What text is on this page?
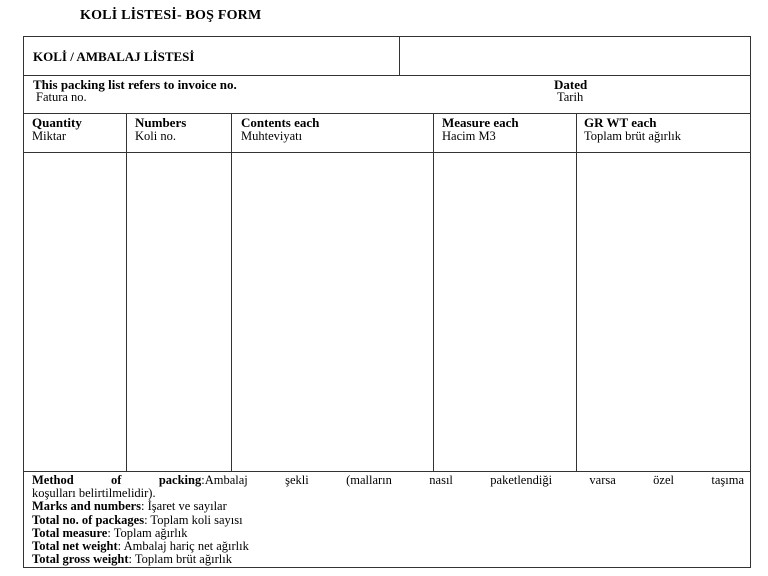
KOLİ LİSTESİ- BOŞ FORM
KOLİ / AMBALAJ LİSTESİ
This packing list refers to invoice no.
Fatura no.
Dated
Tarih
Quantity
Miktar
Numbers
Koli no.
Contents each
Muhteviyatı
Measure each
Hacim M3
GR WT each
Toplam brüt ağırlık

Method of packing:Ambalaj şekli (malların nasıl paketlendiği varsa özel taşıma

koşulları belirtilmelidir).

Marks and numbers: İşaret ve sayılar

Total no. of packages: Toplam koli sayısı

Total measure: Toplam ağırlık

Total net weight: Ambalaj hariç net ağırlık

Total gross weight: Toplam brüt ağırlık
